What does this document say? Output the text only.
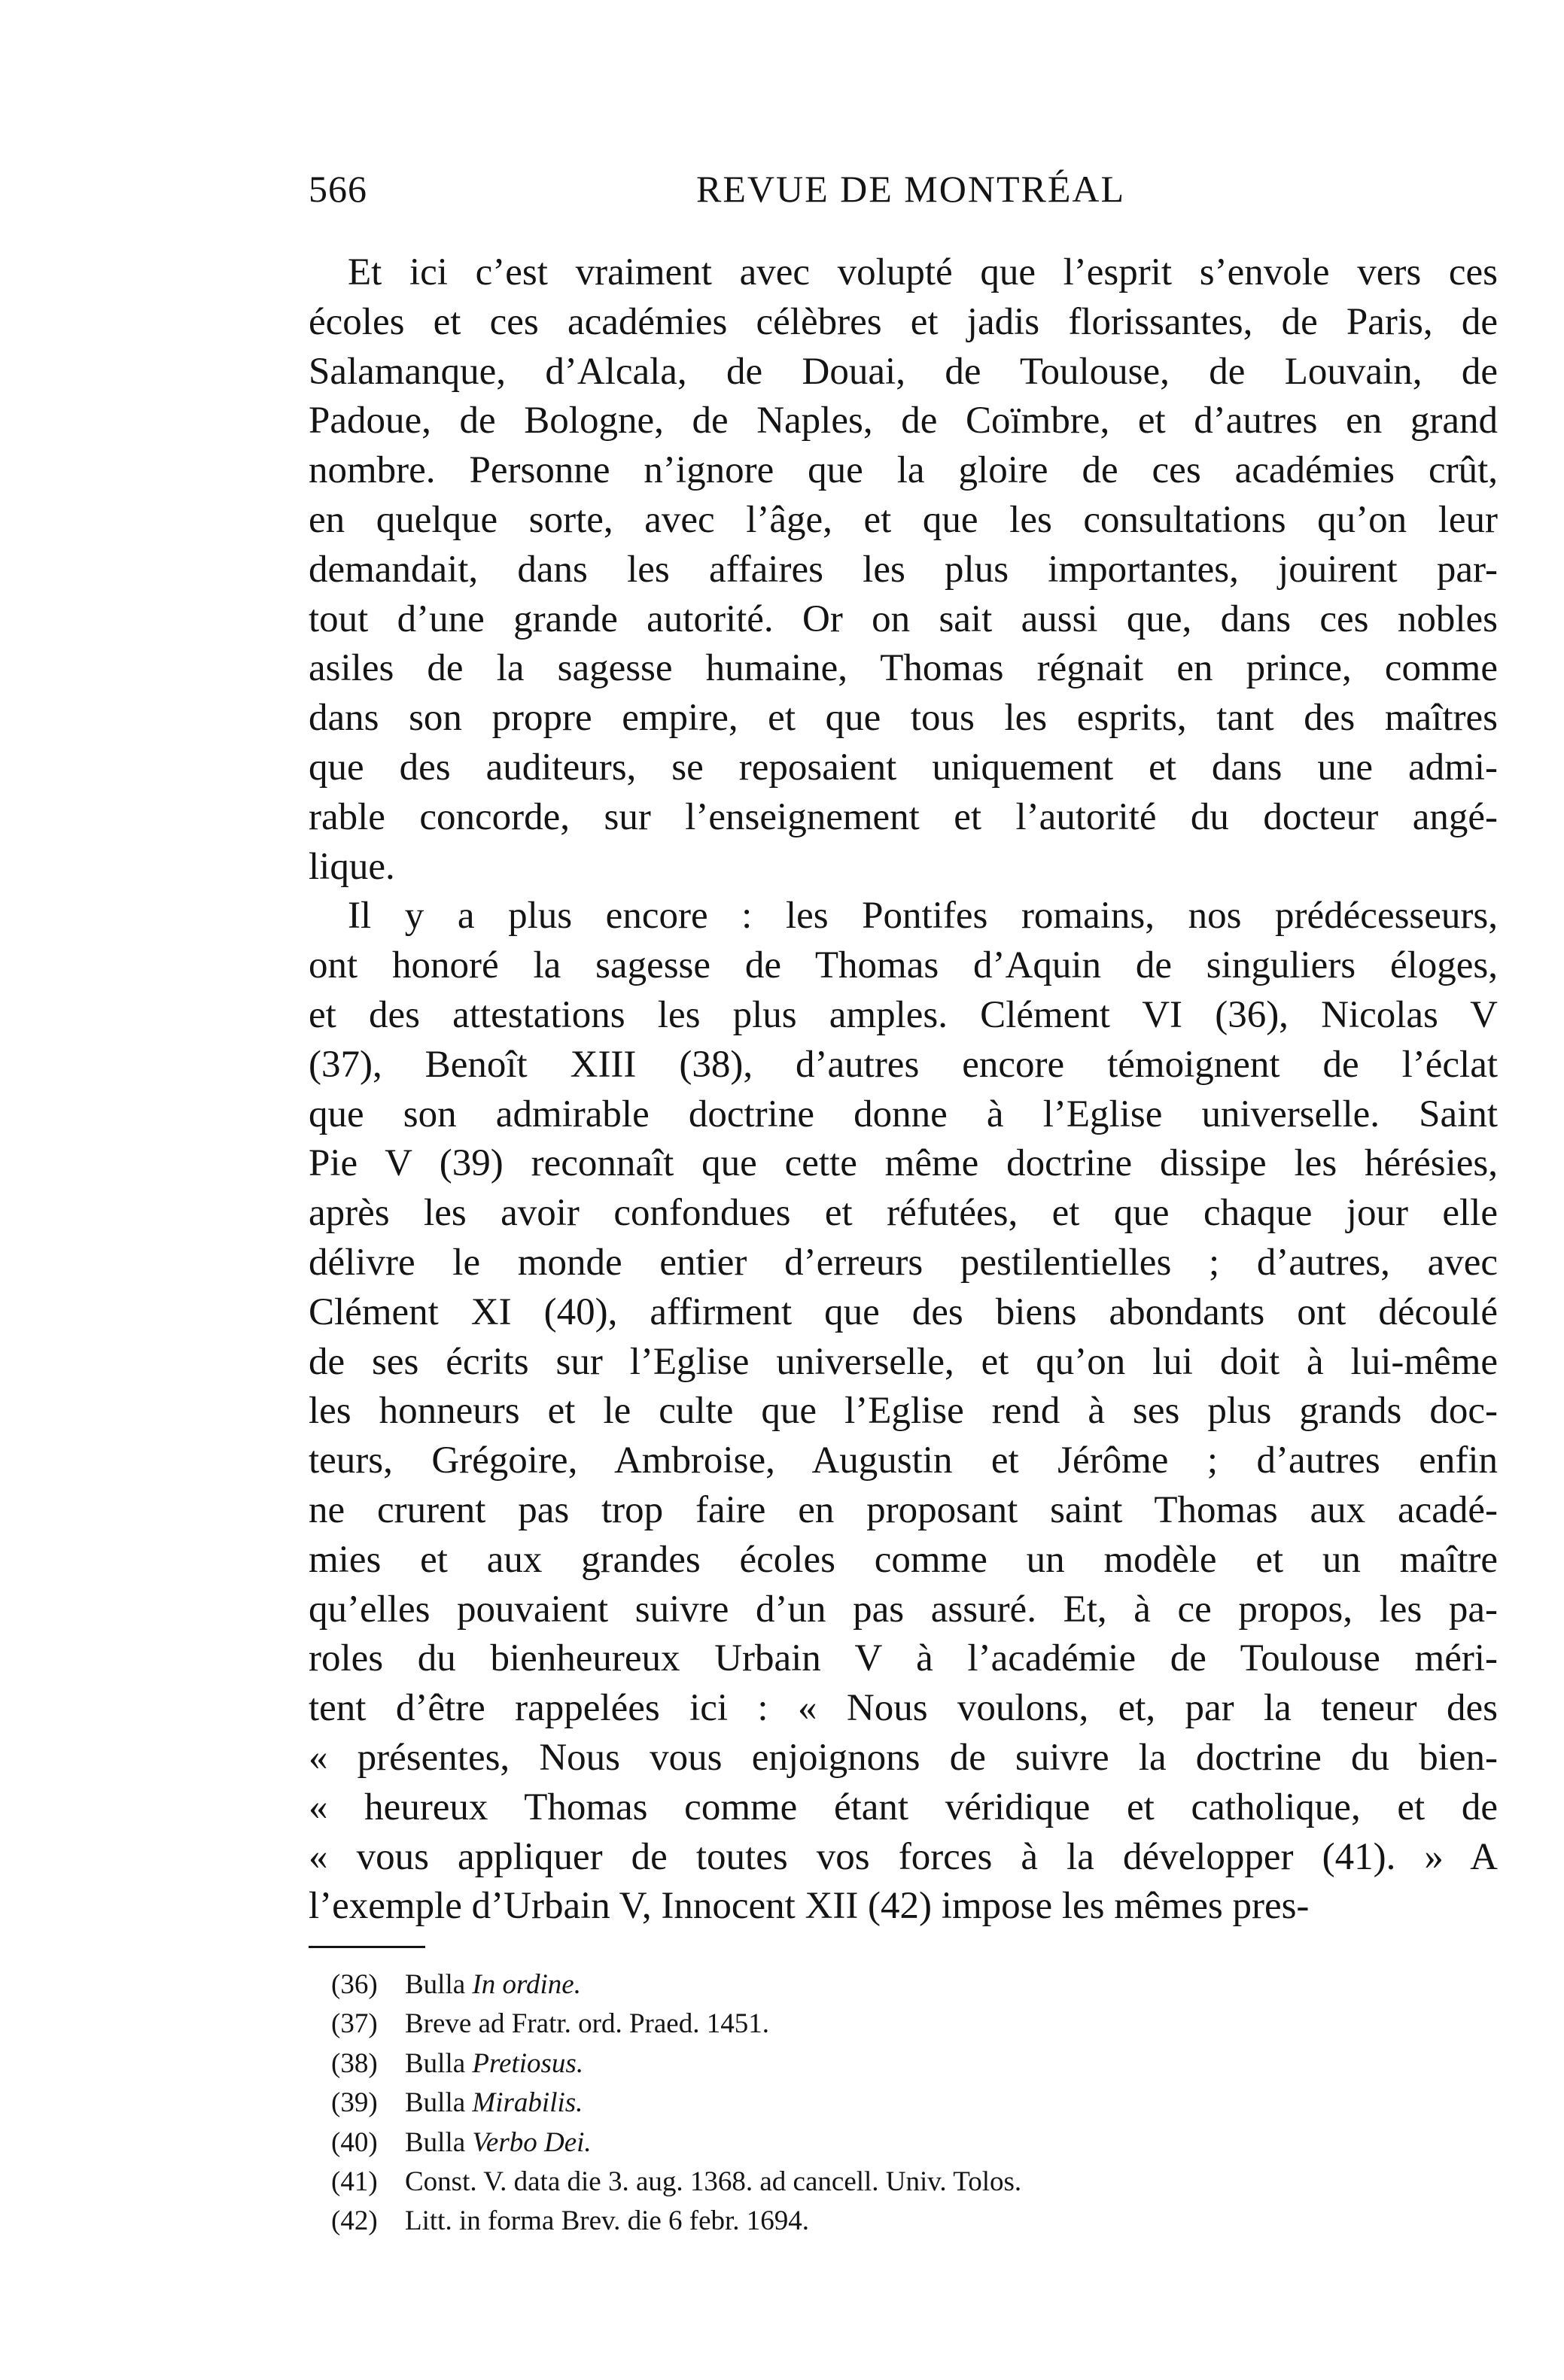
566	REVUE DE MONTRÉAL
Et ici c’est vraiment avec volupté que l’esprit s’envole vers ces
écoles et ces académies célèbres et jadis florissantes, de Paris, de
Salamanque, d’Alcala, de Douai, de Toulouse, de Louvain, de
Padoue, de Bologne, de Naples, de Coïmbre, et d’autres en grand
nombre. Personne n’ignore que la gloire de ces académies crût,
en quelque sorte, avec l’âge, et que les consultations qu’on leur
demandait, dans les affaires les plus importantes, jouirent par-
tout d’une grande autorité. Or on sait aussi que, dans ces nobles
asiles de la sagesse humaine, Thomas régnait en prince, comme
dans son propre empire, et que tous les esprits, tant des maîtres
que des auditeurs, se reposaient uniquement et dans une admi-
rable concorde, sur l’enseignement et l’autorité du docteur angé-
lique.
Il y a plus encore : les Pontifes romains, nos prédécesseurs,
ont honoré la sagesse de Thomas d’Aquin de singuliers éloges,
et des attestations les plus amples. Clément VI (36), Nicolas V
(37), Benoît XIII (38), d’autres encore témoignent de l’éclat
que son admirable doctrine donne à l’Eglise universelle. Saint
Pie V (39) reconnaît que cette même doctrine dissipe les hérésies,
après les avoir confondues et réfutées, et que chaque jour elle
délivre le monde entier d’erreurs pestilentielles ; d’autres, avec
Clément XI (40), affirment que des biens abondants ont découlé
de ses écrits sur l’Eglise universelle, et qu’on lui doit à lui-même
les honneurs et le culte que l’Eglise rend à ses plus grands doc-
teurs, Grégoire, Ambroise, Augustin et Jérôme ; d’autres enfin
ne crurent pas trop faire en proposant saint Thomas aux acadé-
mies et aux grandes écoles comme un modèle et un maître
qu’elles pouvaient suivre d’un pas assuré. Et, à ce propos, les pa-
roles du bienheureux Urbain V à l’académie de Toulouse méri-
tent d’être rappelées ici : « Nous voulons, et, par la teneur des
« présentes, Nous vous enjoignons de suivre la doctrine du bien-
« heureux Thomas comme étant véridique et catholique, et de
« vous appliquer de toutes vos forces à la développer (41). » A
l’exemple d’Urbain V, Innocent XII (42) impose les mêmes pres-
(36) Bulla In ordine.
(37) Breve ad Fratr. ord. Praed. 1451.
(38) Bulla Pretiosus.
(39) Bulla Mirabilis.
(40) Bulla Verbo Dei.
(41) Const. V. data die 3. aug. 1368. ad cancell. Univ. Tolos.
(42) Litt. in forma Brev. die 6 febr. 1694.
